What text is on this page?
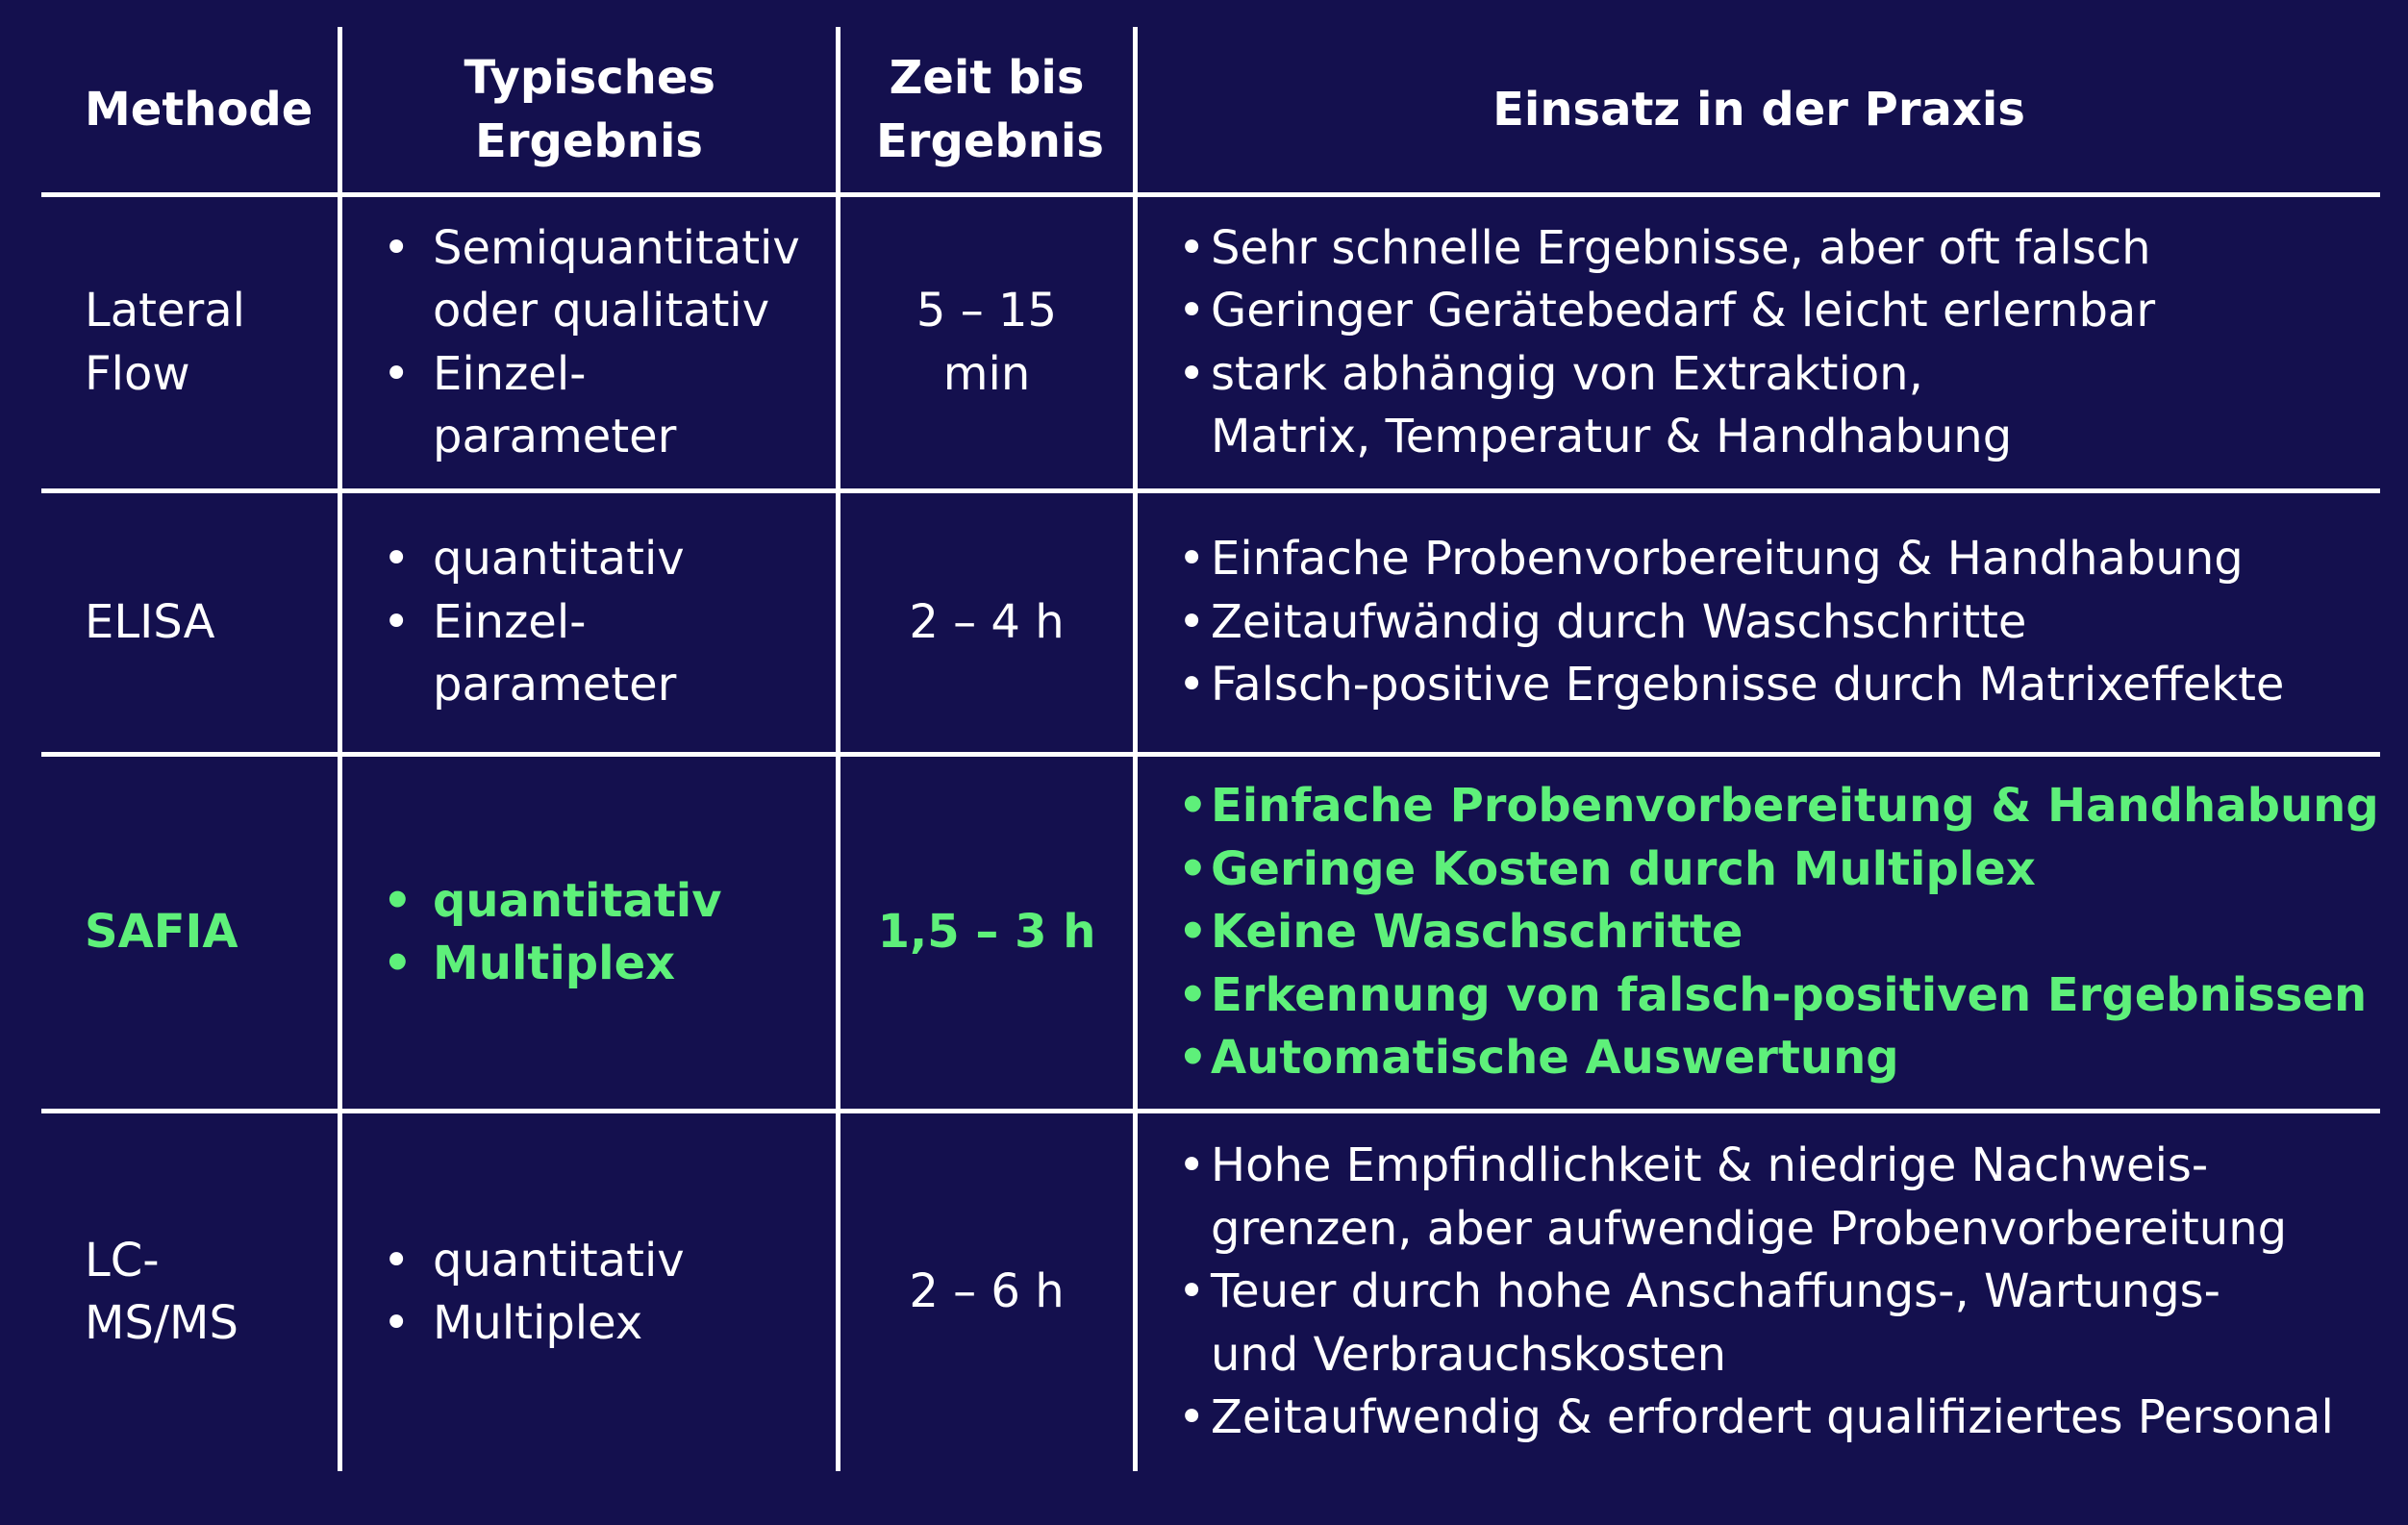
Methode
Typisches Ergebnis
Zeit bis Ergebnis
Einsatz in der Praxis
Lateral Flow
• Semiquantitativ oder qualitativ
• Einzel-
parameter
5 – 15 min
• Sehr schnelle Ergebnisse, aber oft falsch
• Geringer Gerätebedarf & leicht erlernbar
• stark abhängig von Extraktion, Matrix, Temperatur & Handhabung
ELISA
• quantitativ
• Einzel-
parameter
2 – 4 h
• Einfache Probenvorbereitung & Handhabung
• Zeitaufwändig durch Waschschritte
• Falsch-positive Ergebnisse durch Matrixeffekte
SAFIA
• quantitativ
• Multiplex
1,5 – 3 h
• Einfache Probenvorbereitung & Handhabung
• Geringe Kosten durch Multiplex
• Keine Waschschritte
• Erkennung von falsch-positiven Ergebnissen
• Automatische Auswertung
LC-
MS/MS
• quantitativ
• Multiplex
2 – 6 h
• Hohe Empfindlichkeit & niedrige Nachweis-
grenzen, aber aufwendige Probenvorbereitung
• Teuer durch hohe Anschaffungs-, Wartungs-
und Verbrauchskosten
• Zeitaufwendig & erfordert qualifiziertes Personal
